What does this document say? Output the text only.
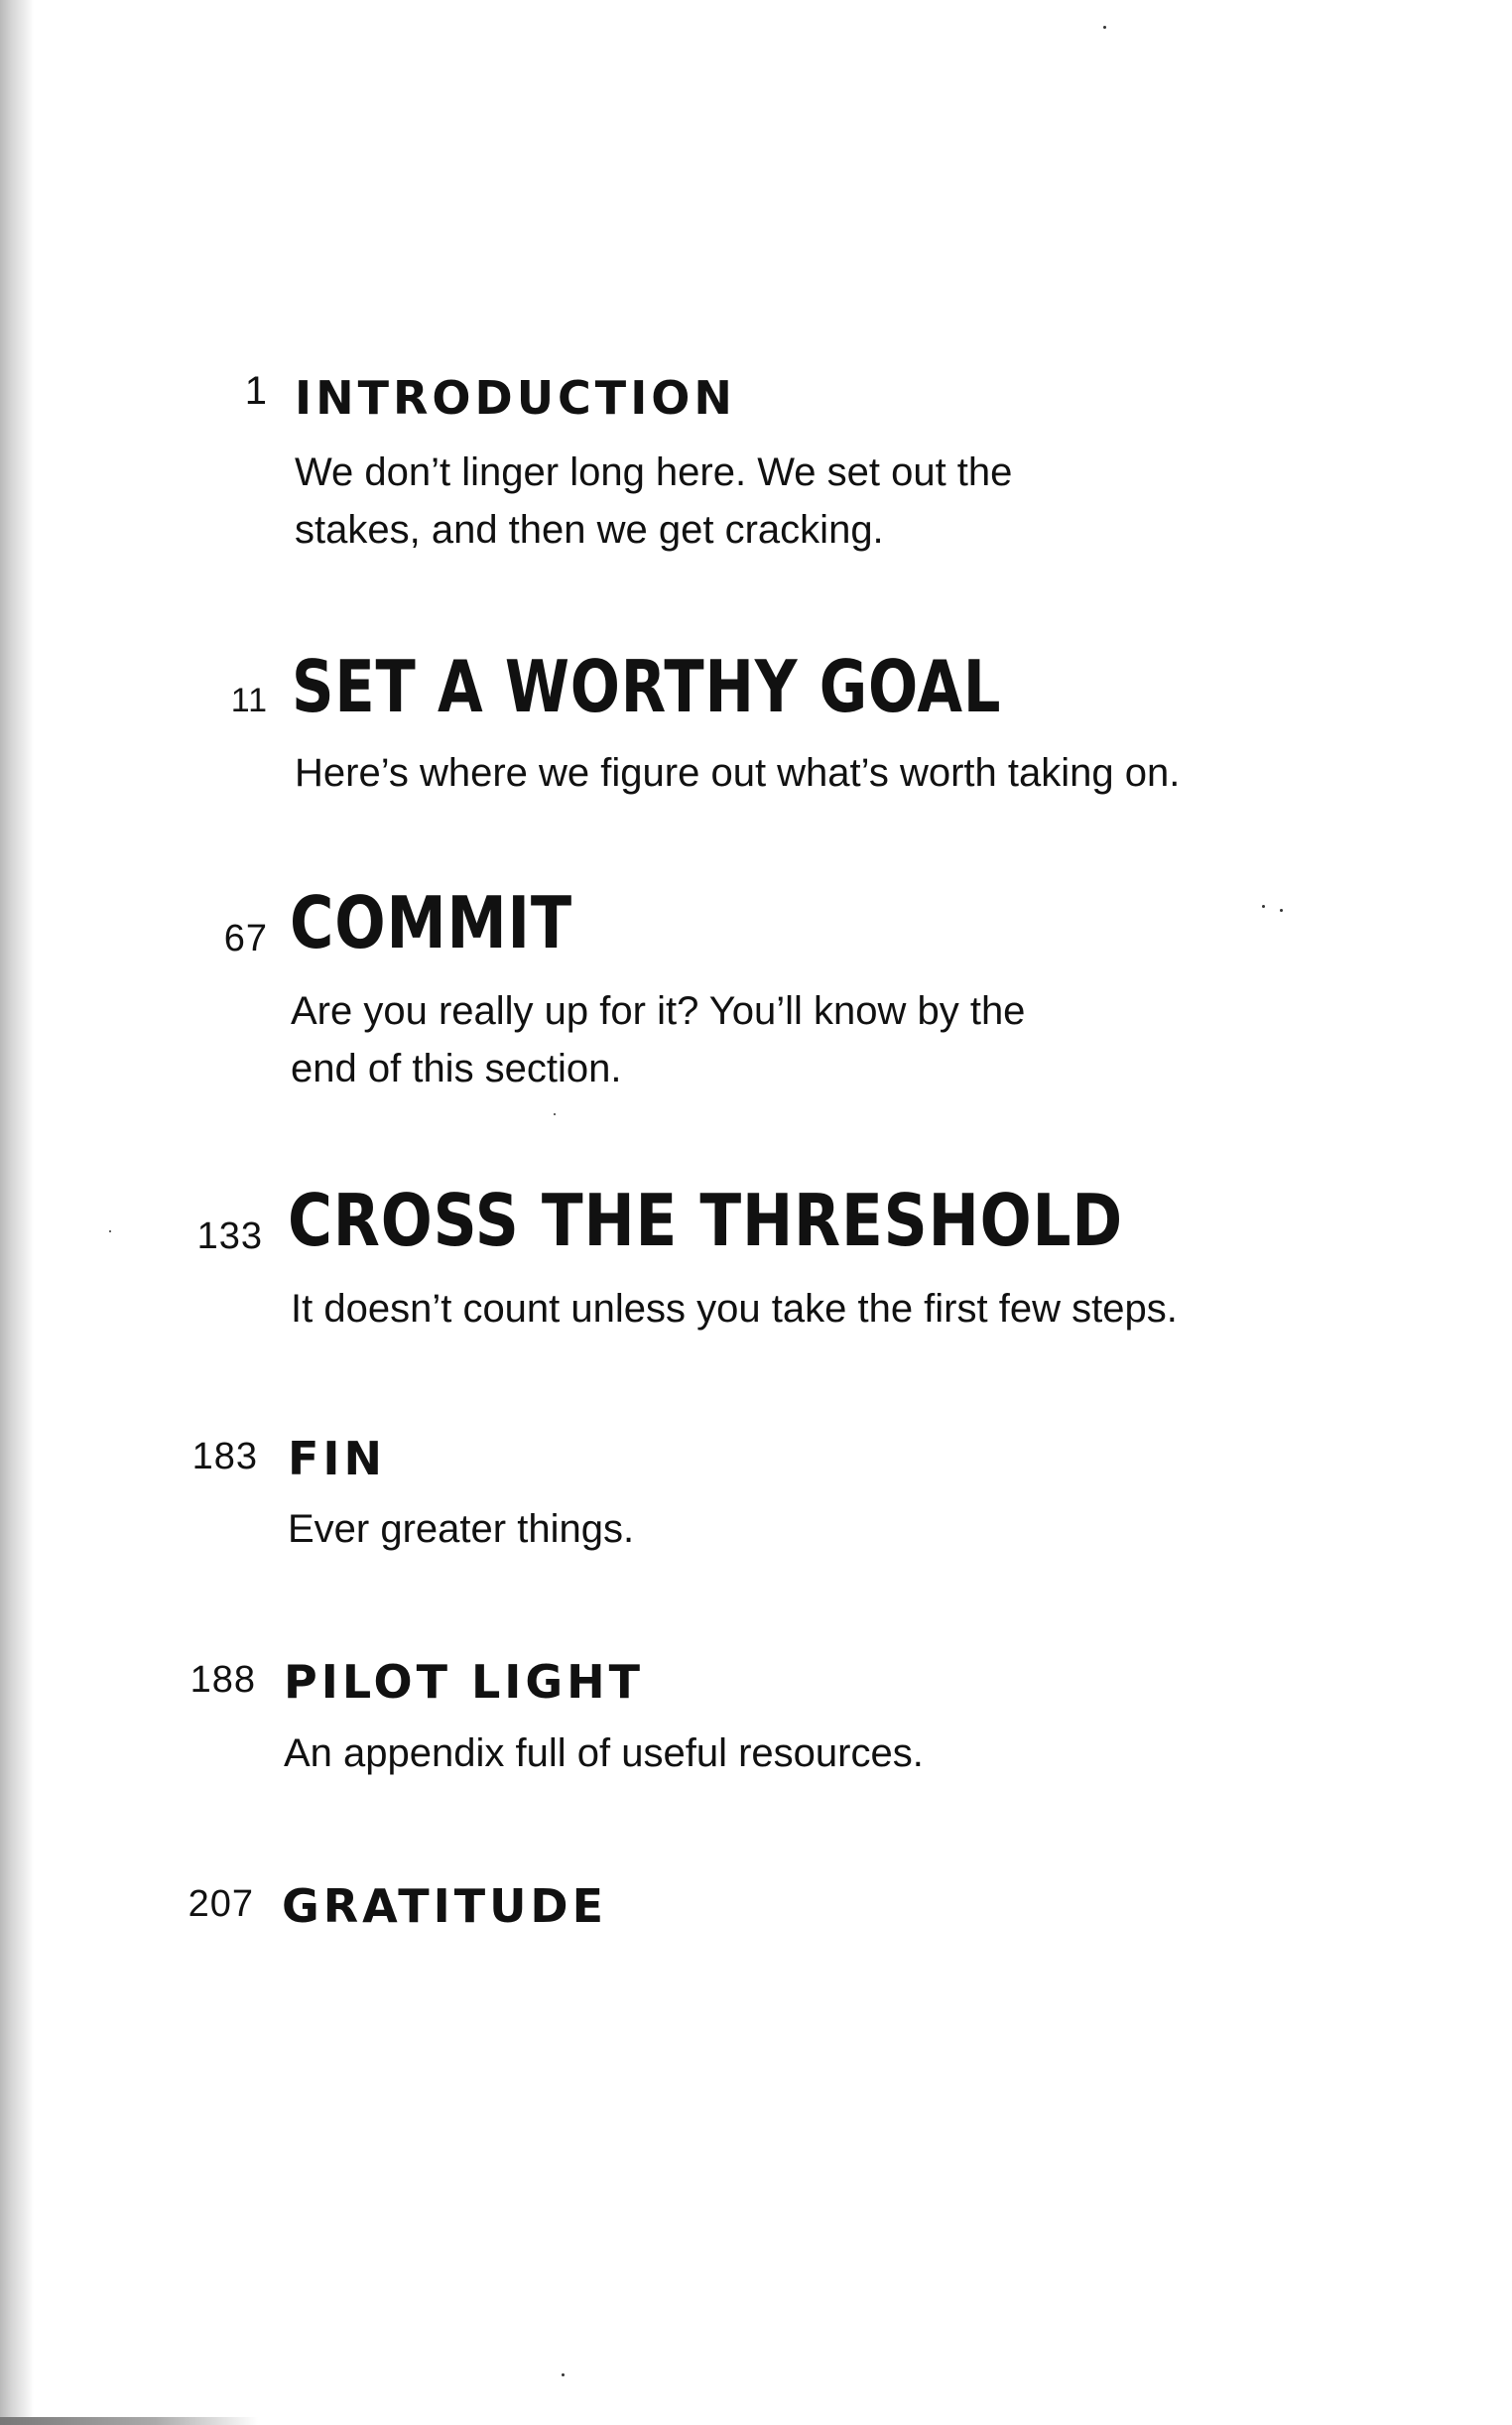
1 INTRODUCTION
We don’t linger long here. We set out the
stakes, and then we get cracking.
11 SET A WORTHY GOAL
Here’s where we figure out what’s worth taking on.
67 COMMIT
Are you really up for it? You’ll know by the
end of this section.
133 CROSS THE THRESHOLD
It doesn’t count unless you take the first few steps.
183 FIN
Ever greater things.
188 PILOT LIGHT
An appendix full of useful resources.
207 GRATITUDE
